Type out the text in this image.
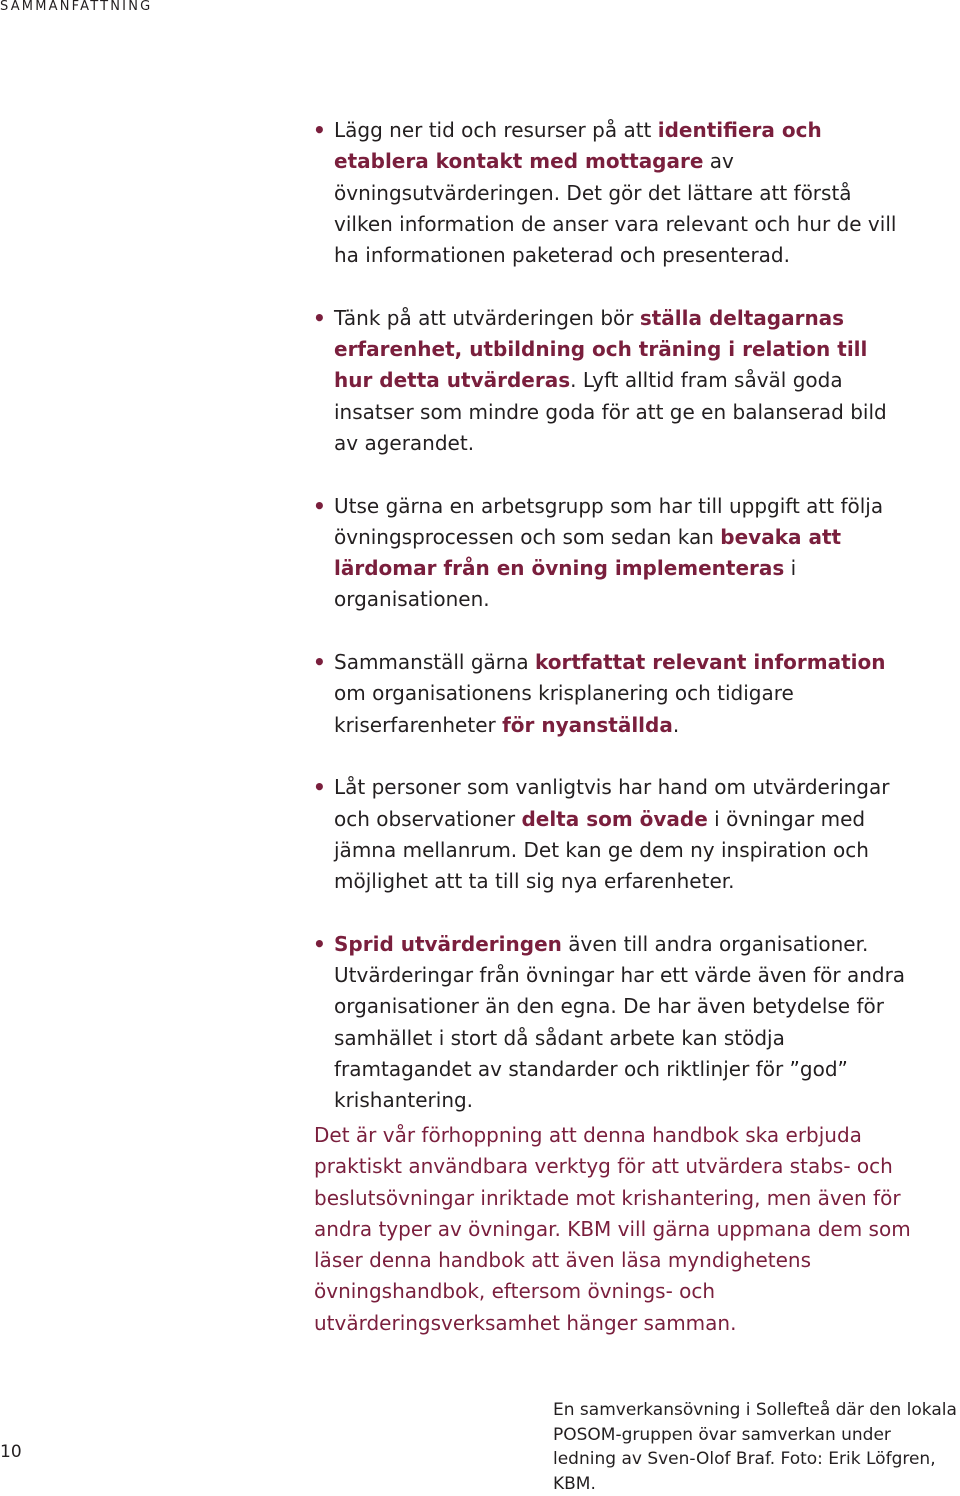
SAMMANFATTNING
• Lägg ner tid och resurser på att identifiera och etablera kontakt med mottagare av övningsutvärderingen. Det gör det lättare att förstå vilken information de anser vara relevant och hur de vill ha informationen paketerad och presenterad.
• Tänk på att utvärderingen bör ställa deltagarnas erfarenhet, utbildning och träning i relation till hur detta utvärderas. Lyft alltid fram såväl goda insatser som mindre goda för att ge en balanserad bild av agerandet.
• Utse gärna en arbetsgrupp som har till uppgift att följa övningsprocessen och som sedan kan bevaka att lärdomar från en övning implementeras i organisationen.
• Sammanställ gärna kortfattat relevant information om organisationens krisplanering och tidigare kriserfarenheter för nyanställda.
• Låt personer som vanligtvis har hand om utvärderingar och observationer delta som övade i övningar med jämna mellanrum. Det kan ge dem ny inspiration och möjlighet att ta till sig nya erfarenheter.
• Sprid utvärderingen även till andra organisationer. Utvärderingar från övningar har ett värde även för andra organisationer än den egna. De har även betydelse för samhället i stort då sådant arbete kan stödja framtagandet av standarder och riktlinjer för ”god” krishantering.

Det är vår förhoppning att denna handbok ska erbjuda praktiskt användbara verktyg för att utvärdera stabs- och beslutsövningar inriktade mot krishantering, men även för andra typer av övningar. KBM vill gärna uppmana dem som läser denna handbok att även läsa myndighetens övningshandbok, eftersom övnings- och utvärderingsverksamhet hänger samman.

10

En samverkansövning i Sollefteå där den lokala POSOM-gruppen övar samverkan under ledning av Sven-Olof Braf. Foto: Erik Löfgren, KBM.
